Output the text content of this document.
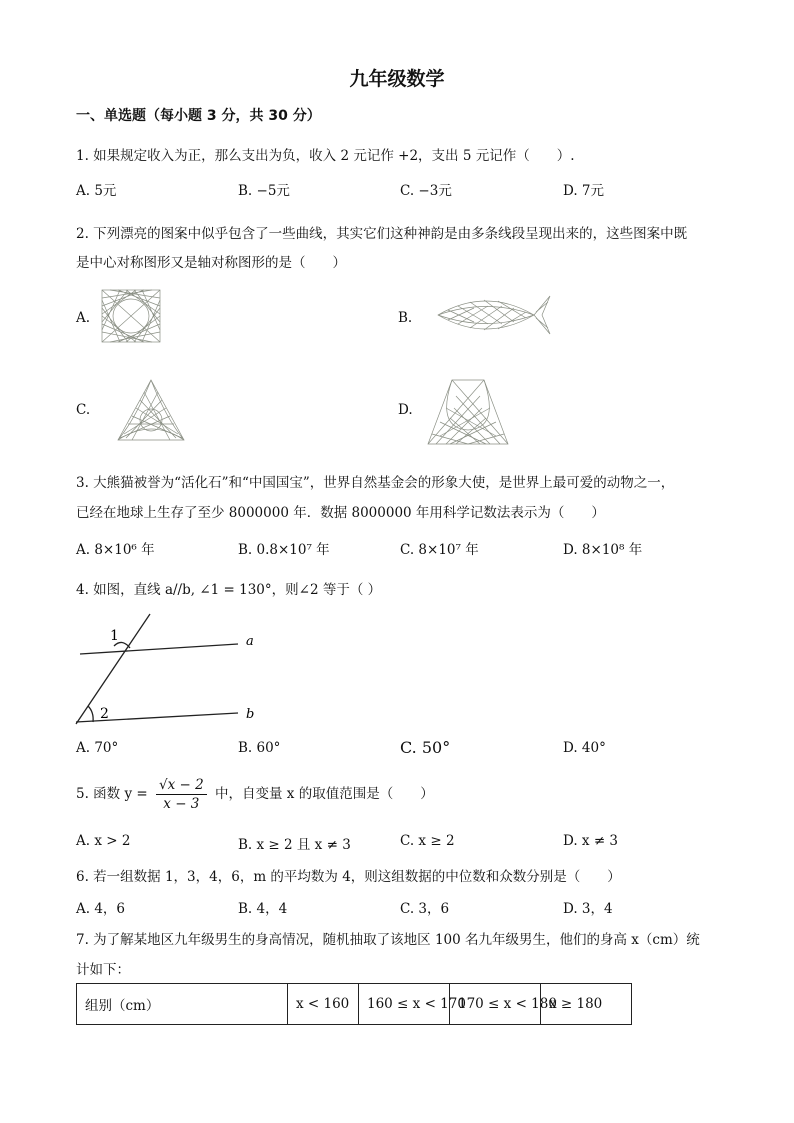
九年级数学
一、单选题（每小题 3 分，共 30 分）
1. 如果规定收入为正，那么支出为负，收入 2 元记作 +2，支出 5 元记作（　　）.
A. 5元	B. −5元	C. −3元	D. 7元
2. 下列漂亮的图案中似乎包含了一些曲线，其实它们这种神韵是由多条线段呈现出来的，这些图案中既
是中心对称图形又是轴对称图形的是（　　）
A.	B.
C.	D.
3. 大熊猫被誉为“活化石”和“中国国宝”，世界自然基金会的形象大使，是世界上最可爱的动物之一，
已经在地球上生存了至少 8000000 年．数据 8000000 年用科学记数法表示为（　　）
A. 8×10⁶ 年	B. 0.8×10⁷ 年	C. 8×10⁷ 年	D. 8×10⁸ 年
4. 如图，直线 a//b, ∠1 = 130°，则∠2 等于（ ）
1
2
a
b
A. 70°	B. 60°	C. 50°	D. 40°
5. 函数 $y = \frac{√x - 2}{x - 3}$ 中，自变量 x 的取值范围是（　　）
A. x > 2	B. x ≥ 2 且 x ≠ 3	C. x ≥ 2	D. x ≠ 3
6. 若一组数据 1，3，4，6，m 的平均数为 4，则这组数据的中位数和众数分别是（　　）
A. 4，6	B. 4，4	C. 3，6	D. 3，4
7. 为了解某地区九年级男生的身高情况，随机抽取了该地区 100 名九年级男生，他们的身高 x（cm）统
计如下：
组别（cm）	x < 160	160 ≤ x < 170	170 ≤ x < 180	x ≥ 180
